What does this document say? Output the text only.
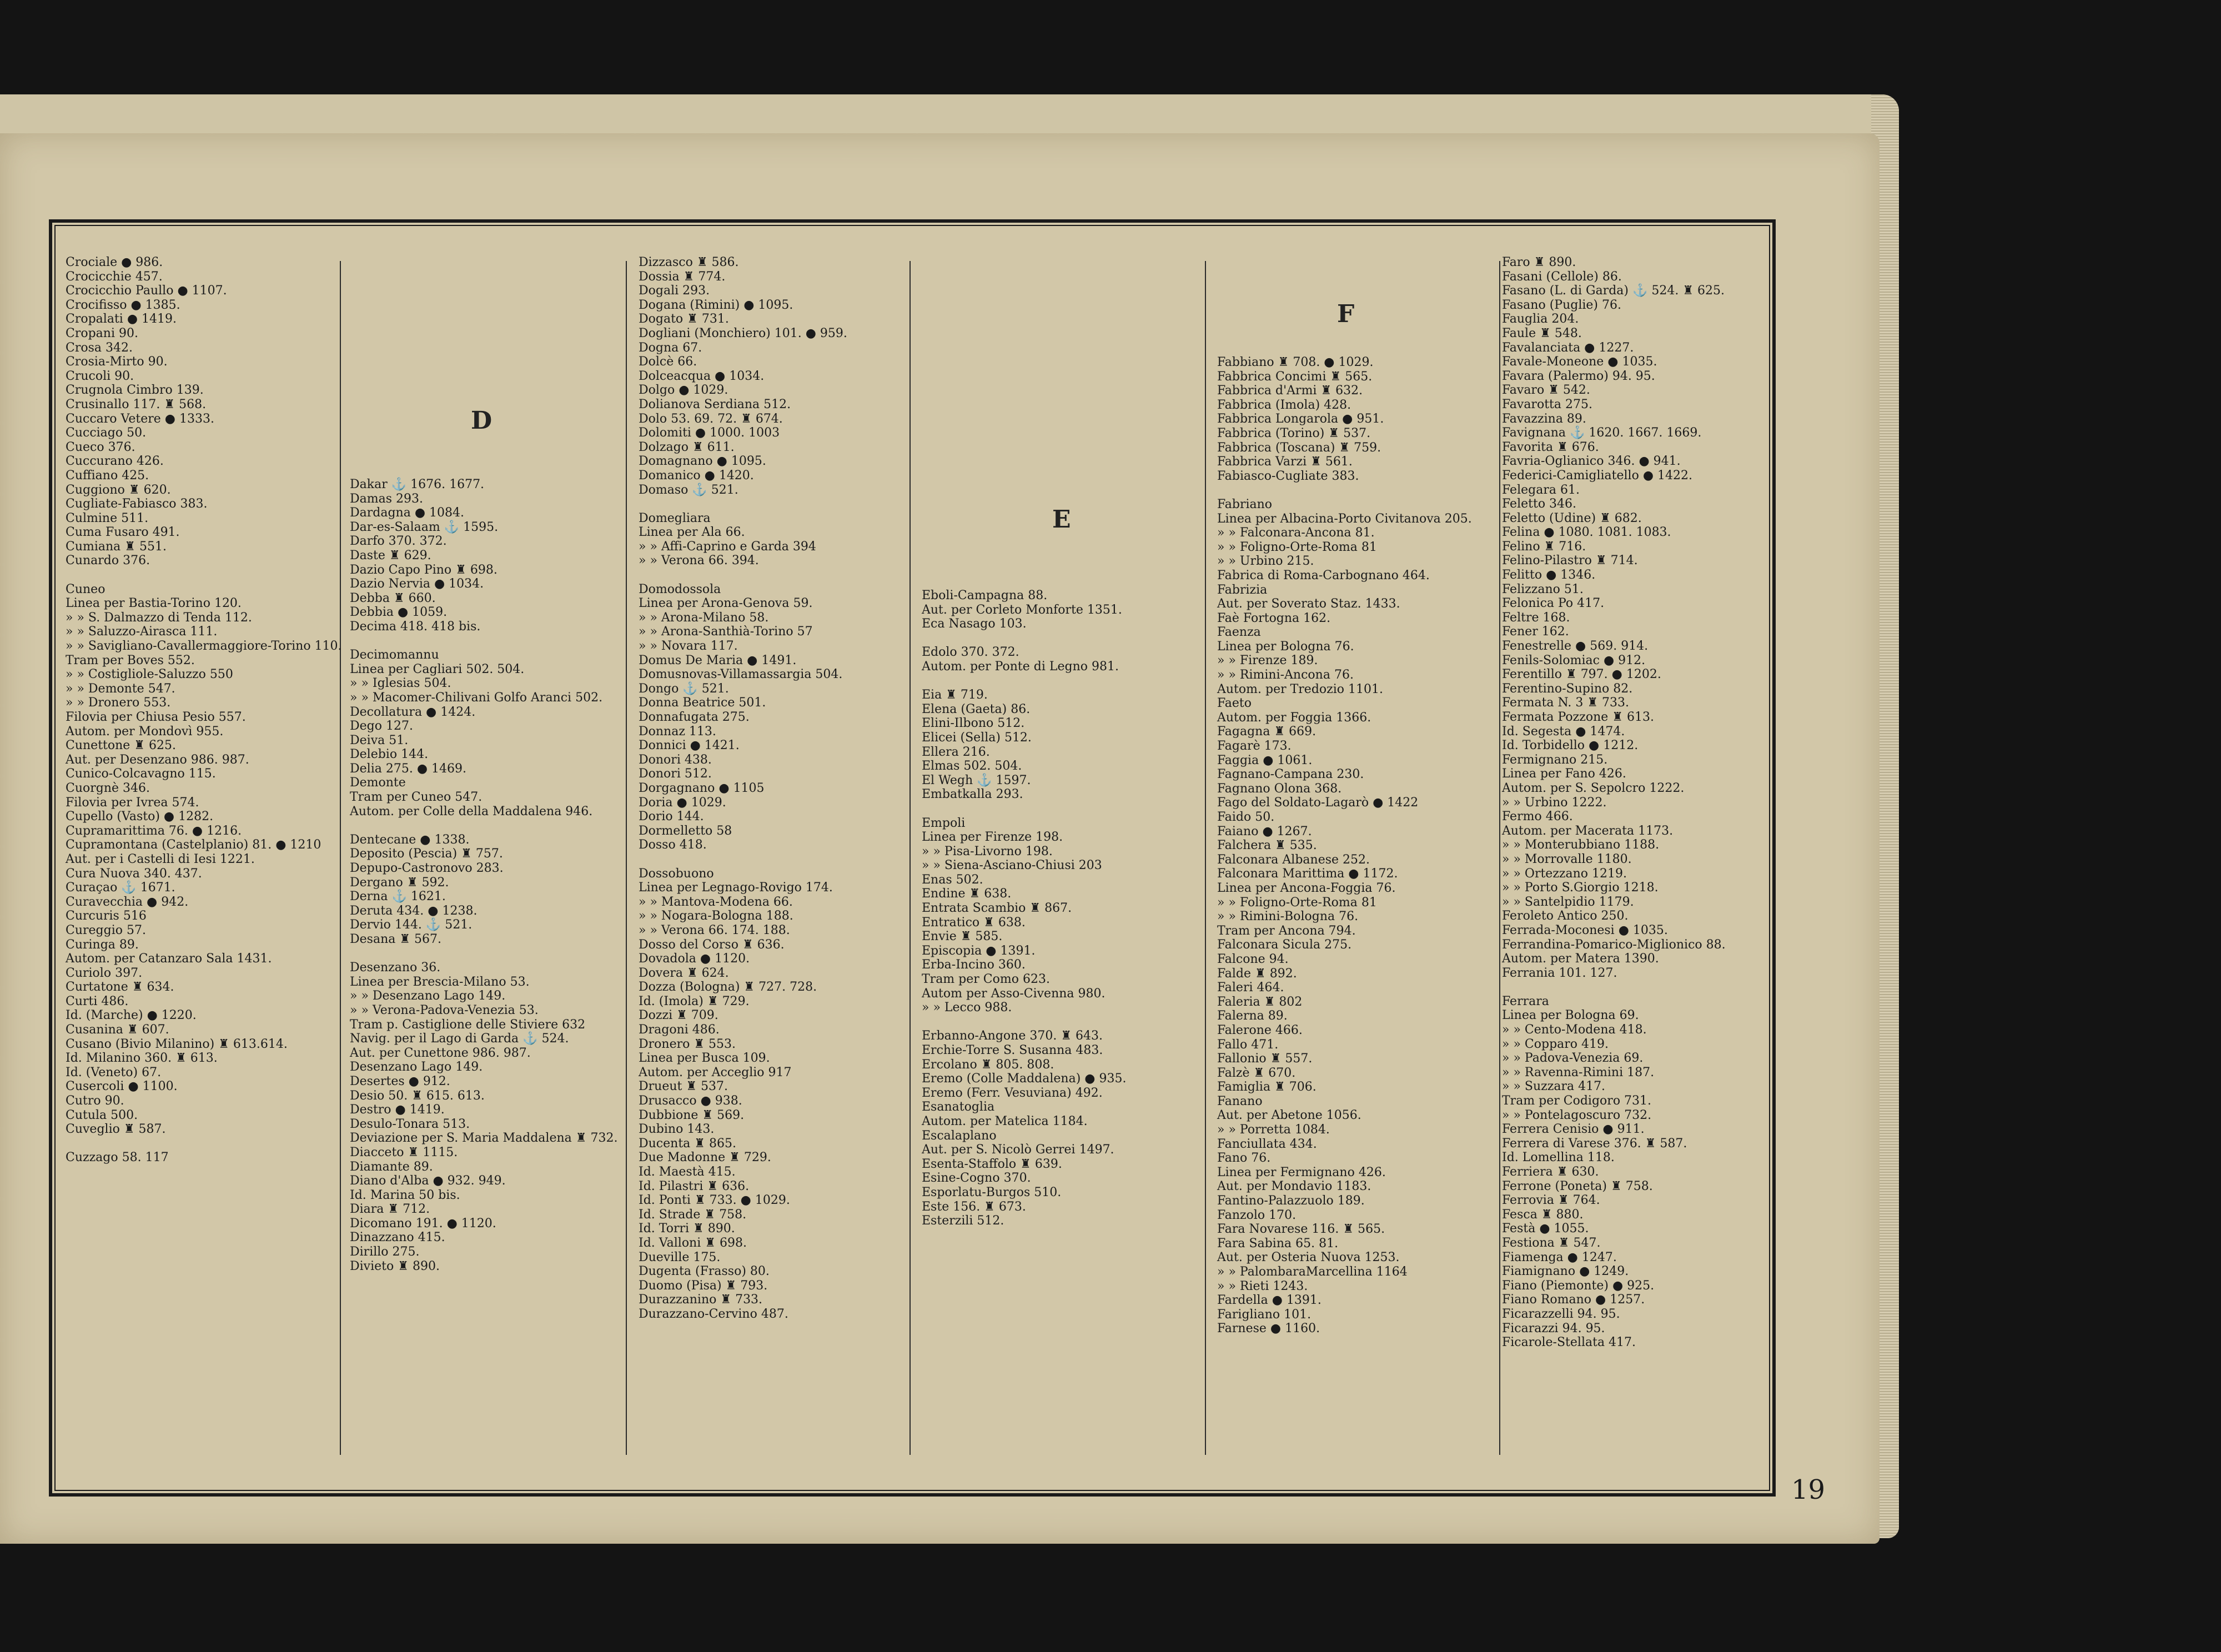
Crociale ● 986.
Crocicchie 457.
Crocicchio Paullo ● 1107.
Crocifisso ● 1385.
Cropalati ● 1419.
Cropani 90.
Crosa 342.
Crosia-Mirto 90.
Crucoli 90.
Crugnola Cimbro 139.
Crusinallo 117. ♜ 568.
Cuccaro Vetere ● 1333.
Cucciago 50.
Cueco 376.
Cuccurano 426.
Cuffiano 425.
Cuggiono ♜ 620.
Cugliate-Fabiasco 383.
Culmine 511.
Cuma Fusaro 491.
Cumiana ♜ 551.
Cunardo 376.

Cuneo
Linea per Bastia-Torino 120.
» » S. Dalmazzo di Tenda 112.
» » Saluzzo-Airasca 111.
» » Savigliano-Cavallermaggiore-Torino 110.
Tram per Boves 552.
» » Costigliole-Saluzzo 550
» » Demonte 547.
» » Dronero 553.
Filovia per Chiusa Pesio 557.
Autom. per Mondovì 955.
Cunettone ♜ 625.
Aut. per Desenzano 986. 987.
Cunico-Colcavagno 115.
Cuorgnè 346.
Filovia per Ivrea 574.
Cupello (Vasto) ● 1282.
Cupramarittima 76. ● 1216.
Cupramontana (Castelplanio) 81. ● 1210
Aut. per i Castelli di Iesi 1221.
Cura Nuova 340. 437.
Curaçao ⚓ 1671.
Curavecchia ● 942.
Curcuris 516
Cureggio 57.
Curinga 89.
Autom. per Catanzaro Sala 1431.
Curiolo 397.
Curtatone ♜ 634.
Curti 486.
Id. (Marche) ● 1220.
Cusanina ♜ 607.
Cusano (Bivio Milanino) ♜ 613.614.
Id. Milanino 360. ♜ 613.
Id. (Veneto) 67.
Cusercoli ● 1100.
Cutro 90.
Cutula 500.
Cuveglio ♜ 587.

Cuzzago 58. 117
Dakar ⚓ 1676. 1677.
Damas 293.
Dardagna ● 1084.
Dar-es-Salaam ⚓ 1595.
Darfo 370. 372.
Daste ♜ 629.
Dazio Capo Pino ♜ 698.
Dazio Nervia ● 1034.
Debba ♜ 660.
Debbia ● 1059.
Decima 418. 418 bis.

Decimomannu
Linea per Cagliari 502. 504.
» » Iglesias 504.
» » Macomer-Chilivani Golfo Aranci 502.
Decollatura ● 1424.
Dego 127.
Deiva 51.
Delebio 144.
Delia 275. ● 1469.
Demonte
Tram per Cuneo 547.
Autom. per Colle della Maddalena 946.

Dentecane ● 1338.
Deposito (Pescia) ♜ 757.
Depupo-Castronovo 283.
Dergano ♜ 592.
Derna ⚓ 1621.
Deruta 434. ● 1238.
Dervio 144. ⚓ 521.
Desana ♜ 567.

Desenzano 36.
Linea per Brescia-Milano 53.
» » Desenzano Lago 149.
» » Verona-Padova-Venezia 53.
Tram p. Castiglione delle Stiviere 632
Navig. per il Lago di Garda ⚓ 524.
Aut. per Cunettone 986. 987.
Desenzano Lago 149.
Desertes ● 912.
Desio 50. ♜ 615. 613.
Destro ● 1419.
Desulo-Tonara 513.
Deviazione per S. Maria Maddalena ♜ 732.
Diacceto ♜ 1115.
Diamante 89.
Diano d'Alba ● 932. 949.
Id. Marina 50 bis.
Diara ♜ 712.
Dicomano 191. ● 1120.
Dinazzano 415.
Dirillo 275.
Divieto ♜ 890.
Dizzasco ♜ 586.
Dossia ♜ 774.
Dogali 293.
Dogana (Rimini) ● 1095.
Dogato ♜ 731.
Dogliani (Monchiero) 101. ● 959.
Dogna 67.
Dolcè 66.
Dolceacqua ● 1034.
Dolgo ● 1029.
Dolianova Serdiana 512.
Dolo 53. 69. 72. ♜ 674.
Dolomiti ● 1000. 1003
Dolzago ♜ 611.
Domagnano ● 1095.
Domanico ● 1420.
Domaso ⚓ 521.

Domegliara
Linea per Ala 66.
» » Affi-Caprino e Garda 394
» » Verona 66. 394.

Domodossola
Linea per Arona-Genova 59.
» » Arona-Milano 58.
» » Arona-Santhià-Torino 57
» » Novara 117.
Domus De Maria ● 1491.
Domusnovas-Villamassargia 504.
Dongo ⚓ 521.
Donna Beatrice 501.
Donnafugata 275.
Donnaz 113.
Donnici ● 1421.
Donori 438.
Donori 512.
Dorgagnano ● 1105
Doria ● 1029.
Dorio 144.
Dormelletto 58
Dosso 418.

Dossobuono
Linea per Legnago-Rovigo 174.
» » Mantova-Modena 66.
» » Nogara-Bologna 188.
» » Verona 66. 174. 188.
Dosso del Corso ♜ 636.
Dovadola ● 1120.
Dovera ♜ 624.
Dozza (Bologna) ♜ 727. 728.
Id. (Imola) ♜ 729.
Dozzi ♜ 709.
Dragoni 486.
Dronero ♜ 553.
Linea per Busca 109.
Autom. per Acceglio 917
Drueut ♜ 537.
Drusacco ● 938.
Dubbione ♜ 569.
Dubino 143.
Ducenta ♜ 865.
Due Madonne ♜ 729.
Id. Maestà 415.
Id. Pilastri ♜ 636.
Id. Ponti ♜ 733. ● 1029.
Id. Strade ♜ 758.
Id. Torri ♜ 890.
Id. Valloni ♜ 698.
Dueville 175.
Dugenta (Frasso) 80.
Duomo (Pisa) ♜ 793.
Durazzanino ♜ 733.
Durazzano-Cervino 487.
Eboli-Campagna 88.
Aut. per Corleto Monforte 1351.
Eca Nasago 103.

Edolo 370. 372.
Autom. per Ponte di Legno 981.

Eia ♜ 719.
Elena (Gaeta) 86.
Elini-Ilbono 512.
Elicei (Sella) 512.
Ellera 216.
Elmas 502. 504.
El Wegh ⚓ 1597.
Embatkalla 293.

Empoli
Linea per Firenze 198.
» » Pisa-Livorno 198.
» » Siena-Asciano-Chiusi 203
Enas 502.
Endine ♜ 638.
Entrata Scambio ♜ 867.
Entratico ♜ 638.
Envie ♜ 585.
Episcopia ● 1391.
Erba-Incino 360.
Tram per Como 623.
Autom per Asso-Civenna 980.
» » Lecco 988.

Erbanno-Angone 370. ♜ 643.
Erchie-Torre S. Susanna 483.
Ercolano ♜ 805. 808.
Eremo (Colle Maddalena) ● 935.
Eremo (Ferr. Vesuviana) 492.
Esanatoglia
Autom. per Matelica 1184.
Escalaplano
Aut. per S. Nicolò Gerrei 1497.
Esenta-Staffolo ♜ 639.
Esine-Cogno 370.
Esporlatu-Burgos 510.
Este 156. ♜ 673.
Esterzili 512.
Fabbiano ♜ 708. ● 1029.
Fabbrica Concimi ♜ 565.
Fabbrica d'Armi ♜ 632.
Fabbrica (Imola) 428.
Fabbrica Longarola ● 951.
Fabbrica (Torino) ♜ 537.
Fabbrica (Toscana) ♜ 759.
Fabbrica Varzi ♜ 561.
Fabiasco-Cugliate 383.

Fabriano
Linea per Albacina-Porto Civitanova 205.
» » Falconara-Ancona 81.
» » Foligno-Orte-Roma 81
» » Urbino 215.
Fabrica di Roma-Carbognano 464.
Fabrizia
Aut. per Soverato Staz. 1433.
Faè Fortogna 162.
Faenza
Linea per Bologna 76.
» » Firenze 189.
» » Rimini-Ancona 76.
Autom. per Tredozio 1101.
Faeto
Autom. per Foggia 1366.
Fagagna ♜ 669.
Fagarè 173.
Faggia ● 1061.
Fagnano-Campana 230.
Fagnano Olona 368.
Fago del Soldato-Lagarò ● 1422
Faido 50.
Faiano ● 1267.
Falchera ♜ 535.
Falconara Albanese 252.
Falconara Marittima ● 1172.
Linea per Ancona-Foggia 76.
» » Foligno-Orte-Roma 81
» » Rimini-Bologna 76.
Tram per Ancona 794.
Falconara Sicula 275.
Falcone 94.
Falde ♜ 892.
Faleri 464.
Faleria ♜ 802
Falerna 89.
Falerone 466.
Fallo 471.
Fallonio ♜ 557.
Falzè ♜ 670.
Famiglia ♜ 706.
Fanano
Aut. per Abetone 1056.
» » Porretta 1084.
Fanciullata 434.
Fano 76.
Linea per Fermignano 426.
Aut. per Mondavio 1183.
Fantino-Palazzuolo 189.
Fanzolo 170.
Fara Novarese 116. ♜ 565.
Fara Sabina 65. 81.
Aut. per Osteria Nuova 1253.
» » PalombaraMarcellina 1164
» » Rieti 1243.
Fardella ● 1391.
Farigliano 101.
Farnese ● 1160.
Faro ♜ 890.
Fasani (Cellole) 86.
Fasano (L. di Garda) ⚓ 524. ♜ 625.
Fasano (Puglie) 76.
Fauglia 204.
Faule ♜ 548.
Favalanciata ● 1227.
Favale-Moneone ● 1035.
Favara (Palermo) 94. 95.
Favaro ♜ 542.
Favarotta 275.
Favazzina 89.
Favignana ⚓ 1620. 1667. 1669.
Favorita ♜ 676.
Favria-Oglianico 346. ● 941.
Federici-Camigliatello ● 1422.
Felegara 61.
Feletto 346.
Feletto (Udine) ♜ 682.
Felina ● 1080. 1081. 1083.
Felino ♜ 716.
Felino-Pilastro ♜ 714.
Felitto ● 1346.
Felizzano 51.
Felonica Po 417.
Feltre 168.
Fener 162.
Fenestrelle ● 569. 914.
Fenils-Solomiac ● 912.
Ferentillo ♜ 797. ● 1202.
Ferentino-Supino 82.
Fermata N. 3 ♜ 733.
Fermata Pozzone ♜ 613.
Id. Segesta ● 1474.
Id. Torbidello ● 1212.
Fermignano 215.
Linea per Fano 426.
Autom. per S. Sepolcro 1222.
» » Urbino 1222.
Fermo 466.
Autom. per Macerata 1173.
» » Monterubbiano 1188.
» » Morrovalle 1180.
» » Ortezzano 1219.
» » Porto S.Giorgio 1218.
» » Santelpidio 1179.
Feroleto Antico 250.
Ferrada-Moconesi ● 1035.
Ferrandina-Pomarico-Miglionico 88.
Autom. per Matera 1390.
Ferrania 101. 127.

Ferrara
Linea per Bologna 69.
» » Cento-Modena 418.
» » Copparo 419.
» » Padova-Venezia 69.
» » Ravenna-Rimini 187.
» » Suzzara 417.
Tram per Codigoro 731.
» » Pontelagoscuro 732.
Ferrera Cenisio ● 911.
Ferrera di Varese 376. ♜ 587.
Id. Lomellina 118.
Ferriera ♜ 630.
Ferrone (Poneta) ♜ 758.
Ferrovia ♜ 764.
Fesca ♜ 880.
Festà ● 1055.
Festiona ♜ 547.
Fiamenga ● 1247.
Fiamignano ● 1249.
Fiano (Piemonte) ● 925.
Fiano Romano ● 1257.
Ficarazzelli 94. 95.
Ficarazzi 94. 95.
Ficarole-Stellata 417.
D
E
F
19
